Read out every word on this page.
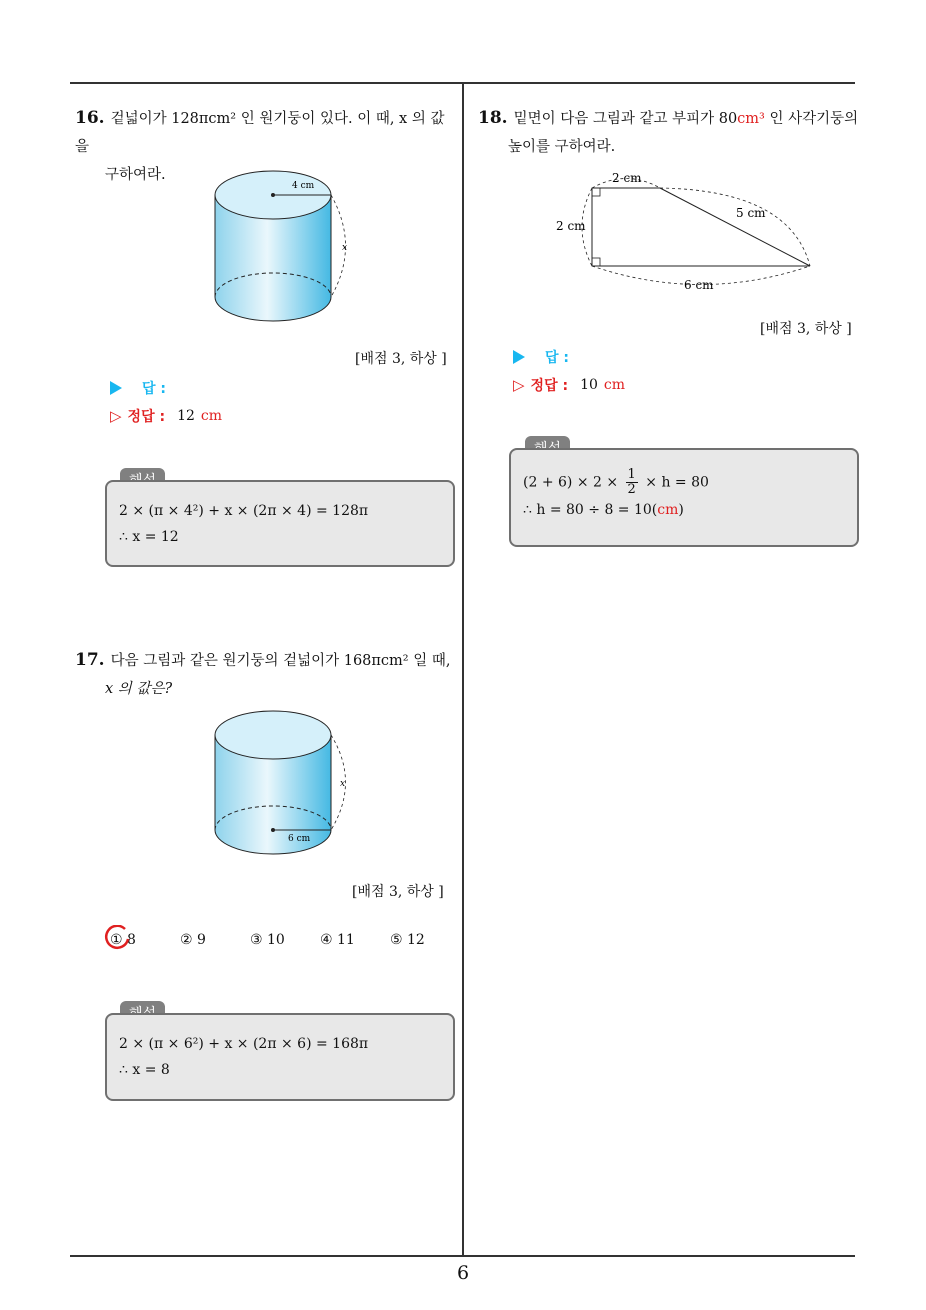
6
16. 겉넓이가 128πcm² 인 원기둥이 있다. 이 때, x 의 값을
구하여라.
4 cm
x
[배점 3, 하상 ]
답 :
▷ 정답 : 12 cm
2 × (π × 4²) + x × (2π × 4) = 128π
∴ x = 12
17. 다음 그림과 같은 원기둥의 겉넓이가 168πcm² 일 때,
x 의 값은?
6 cm
x
[배점 3, 하상 ]
① 8	② 9	③ 10	④ 11	⑤ 12
2 × (π × 6²) + x × (2π × 6) = 168π
∴ x = 8
18. 밑면이 다음 그림과 같고 부피가 80cm³ 인 사각기둥의
높이를 구하여라.
2 cm
2 cm
5 cm
6 cm
[배점 3, 하상 ]
답 :
▷ 정답 : 10 cm
$(2 + 6) \times 2 \times \frac{1}{2} \times h = 80$
∴ h = 80 ÷ 8 = 10(cm)
